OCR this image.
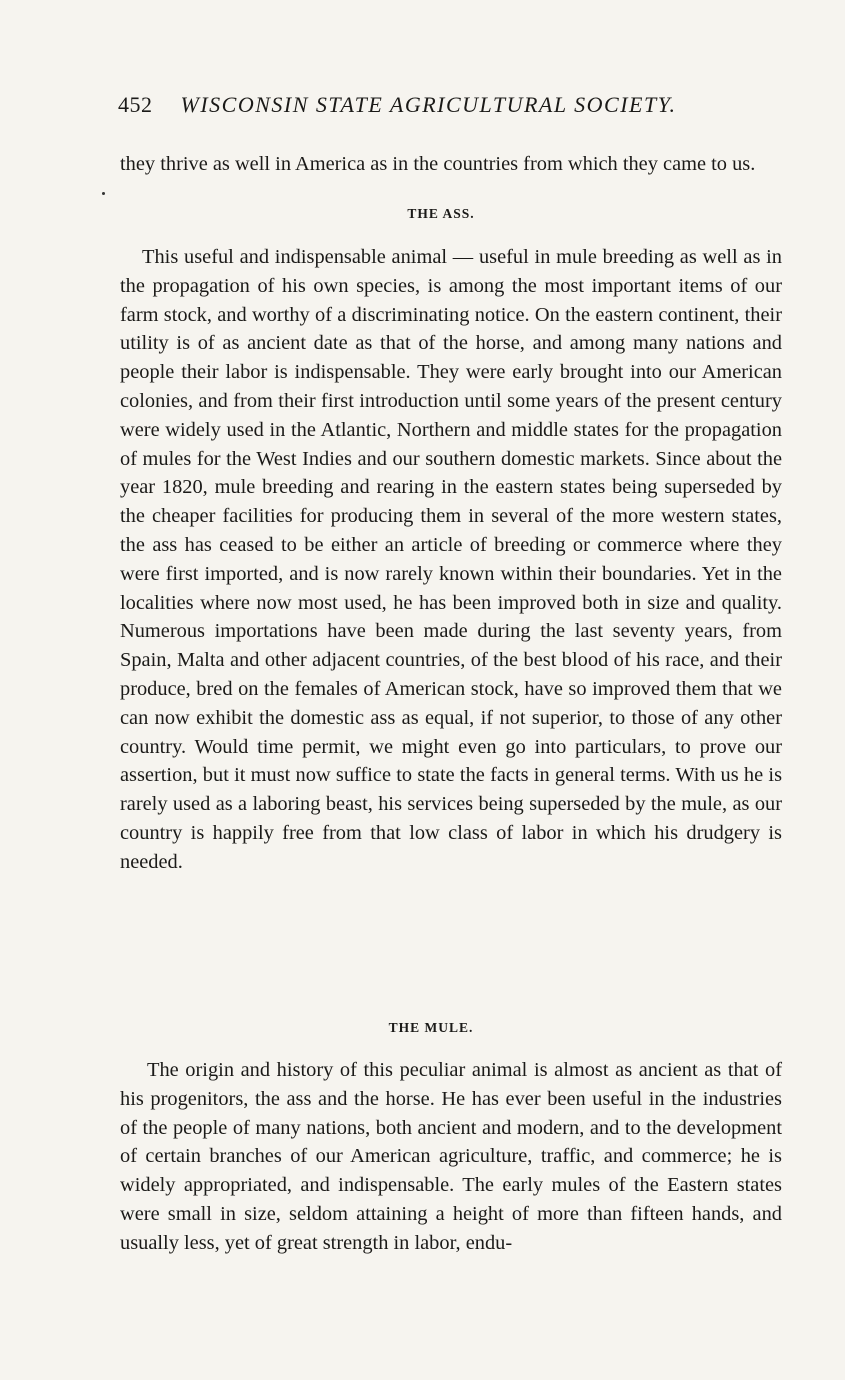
452 WISCONSIN STATE AGRICULTURAL SOCIETY.

they thrive as well in America as in the countries from which they came to us.

THE ASS.

This useful and indispensable animal — useful in mule breeding as well as in the propagation of his own species, is among the most important items of our farm stock, and worthy of a discriminating notice. On the eastern continent, their utility is of as ancient date as that of the horse, and among many nations and people their labor is indispensable. They were early brought into our American colonies, and from their first introduction until some years of the present century were widely used in the Atlantic, Northern and middle states for the propagation of mules for the West Indies and our southern domestic markets. Since about the year 1820, mule breeding and rearing in the eastern states being superseded by the cheaper facilities for producing them in several of the more western states, the ass has ceased to be either an article of breeding or commerce where they were first imported, and is now rarely known within their boundaries. Yet in the localities where now most used, he has been improved both in size and quality. Numerous importations have been made during the last seventy years, from Spain, Malta and other adjacent countries, of the best blood of his race, and their produce, bred on the females of American stock, have so improved them that we can now exhibit the domestic ass as equal, if not superior, to those of any other country. Would time permit, we might even go into particulars, to prove our assertion, but it must now suffice to state the facts in general terms. With us he is rarely used as a laboring beast, his services being superseded by the mule, as our country is happily free from that low class of labor in which his drudgery is needed.

THE MULE.

The origin and history of this peculiar animal is almost as ancient as that of his progenitors, the ass and the horse. He has ever been useful in the industries of the people of many nations, both ancient and modern, and to the development of certain branches of our American agriculture, traffic, and commerce; he is widely appropriated, and indispensable. The early mules of the Eastern states were small in size, seldom attaining a height of more than fifteen hands, and usually less, yet of great strength in labor, endu-
